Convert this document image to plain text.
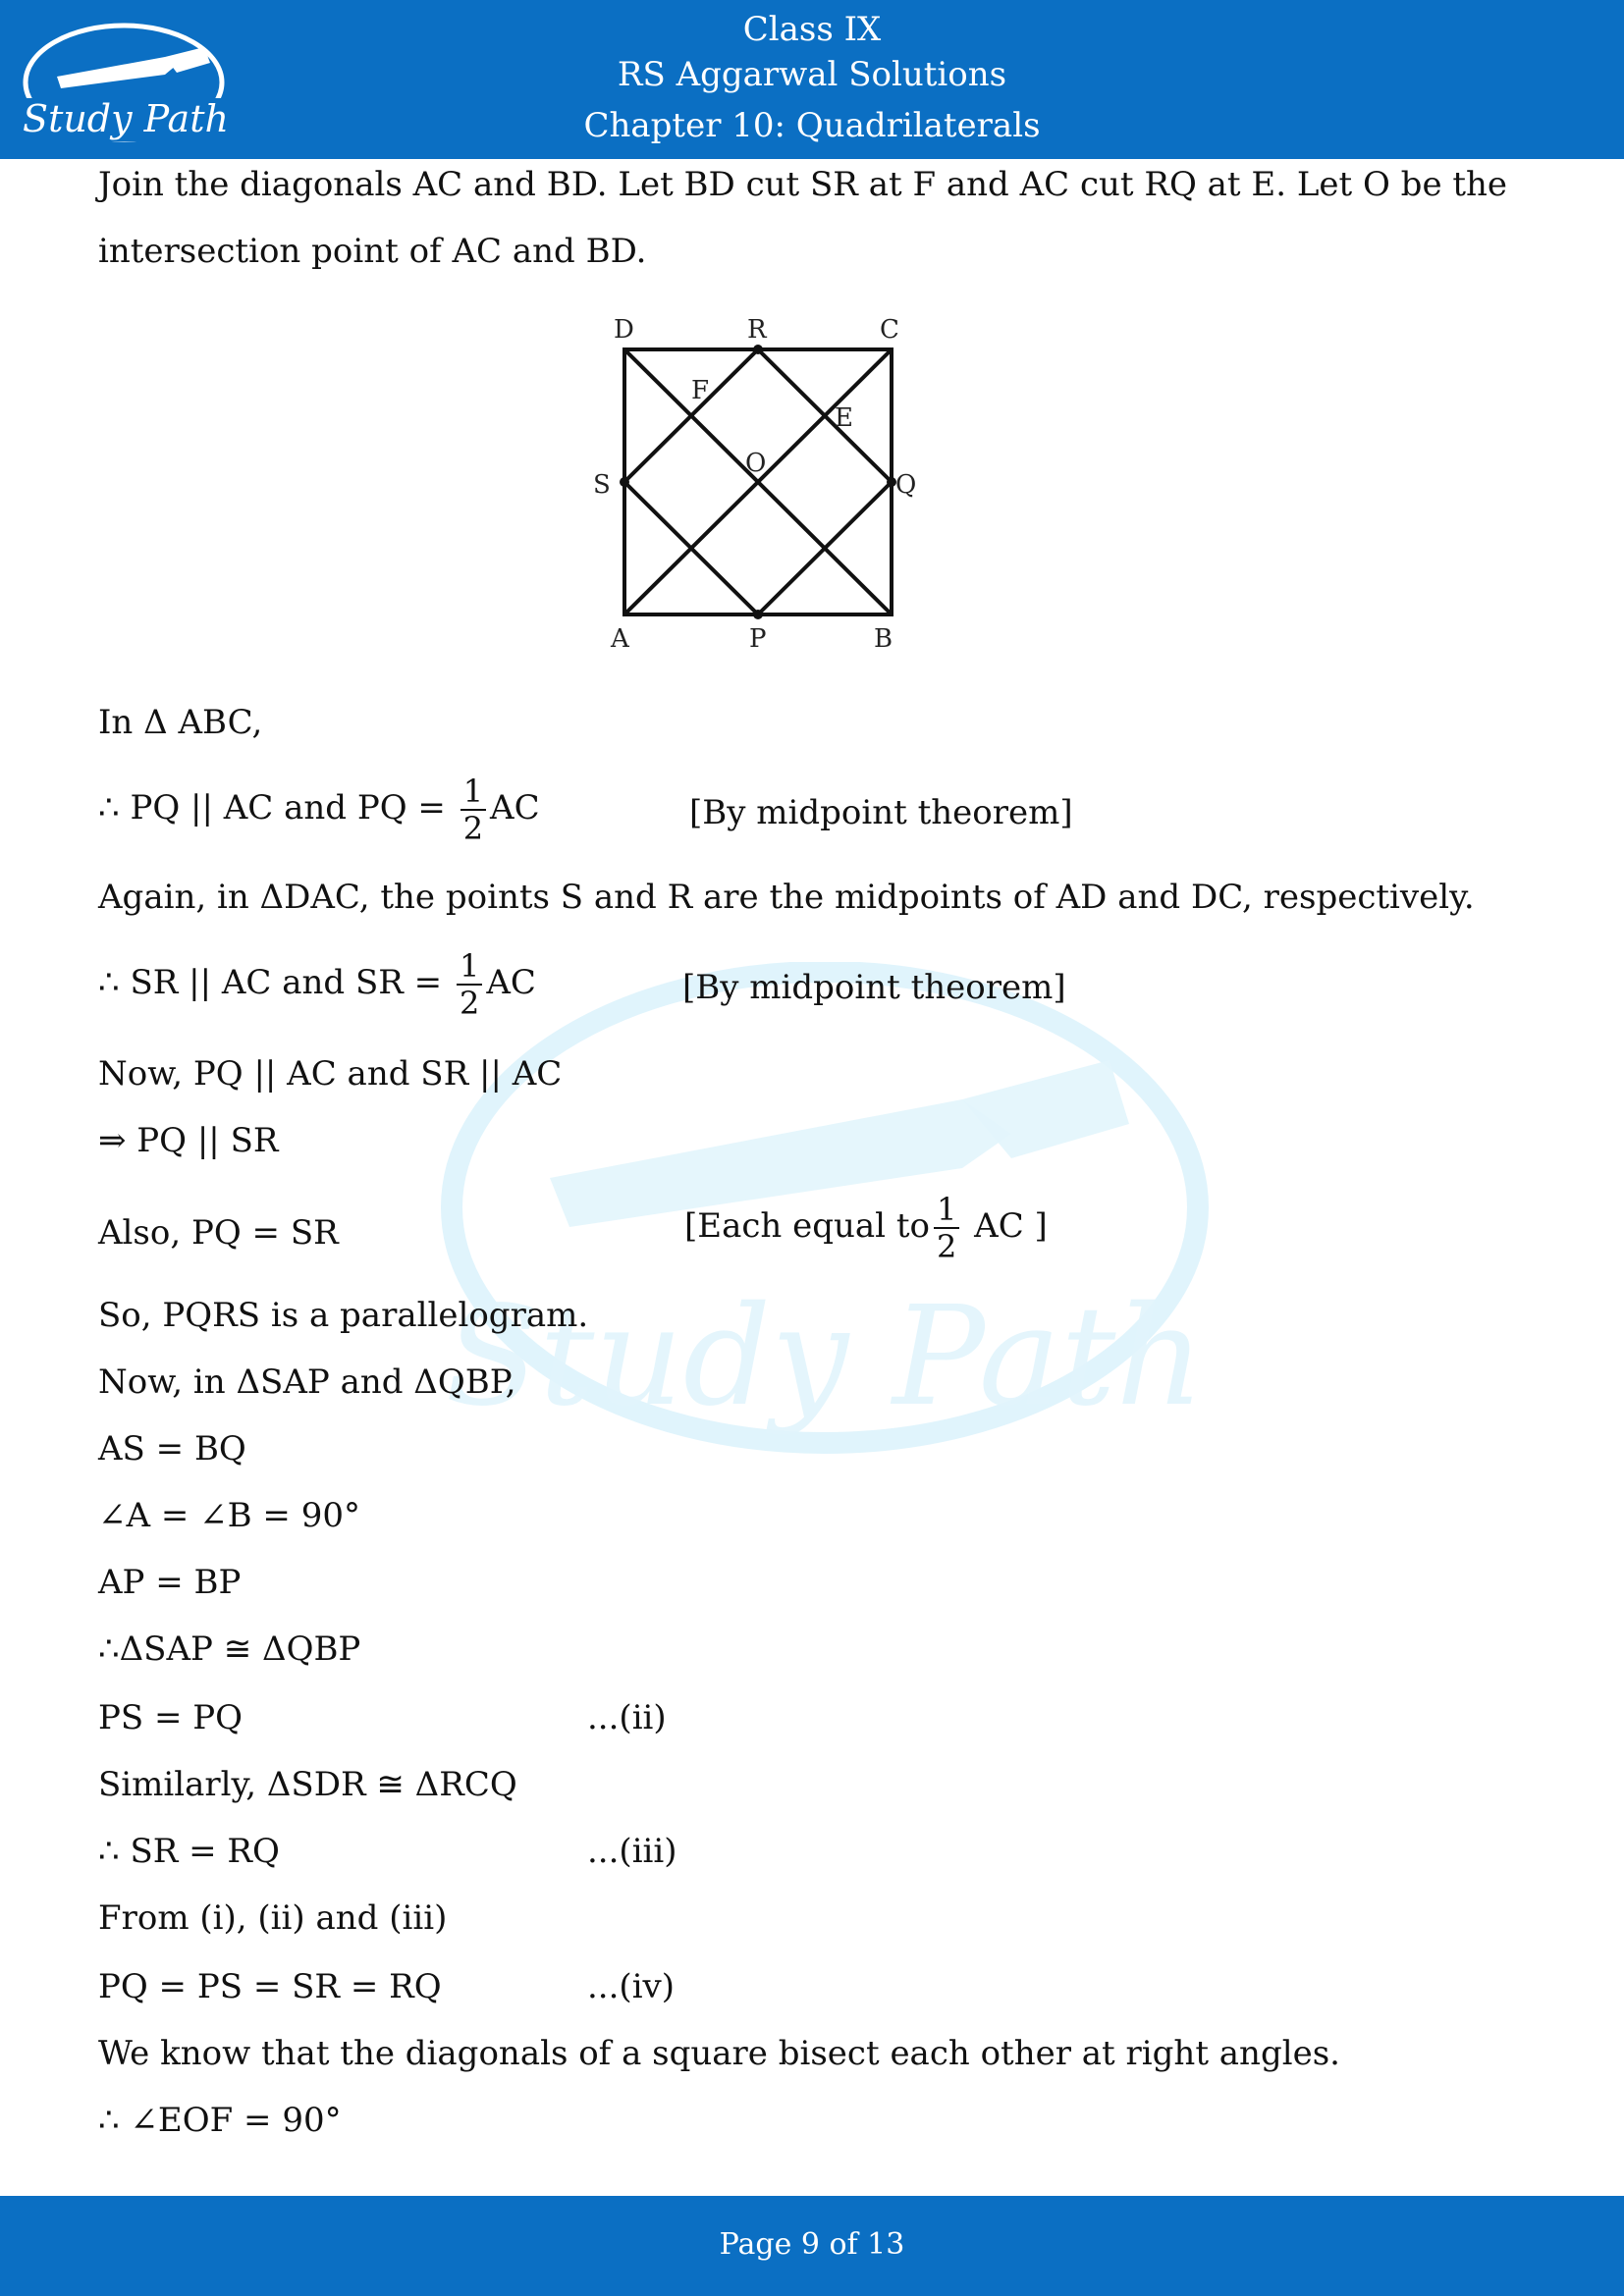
Study Path
Class IX
RS Aggarwal Solutions
Chapter 10: Quadrilaterals
Study Path
Join the diagonals AC and BD. Let BD cut SR at F and AC cut RQ at E. Let O be the
intersection point of AC and BD.
D	R	C
F
E
S
O
Q
A	P	B
In Δ ABC,
∴ PQ || AC and PQ = $\frac{1}{2}$ AC	[By midpoint theorem]
Again, in ΔDAC, the points S and R are the midpoints of AD and DC, respectively.
∴ SR || AC and SR = $\frac{1}{2}$ AC	[By midpoint theorem]
Now, PQ || AC and SR || AC
⇒ PQ || SR
Also, PQ = SR	[Each equal to $\frac{1}{2}$ AC ]
So, PQRS is a parallelogram.
Now, in ΔSAP and ΔQBP,
AS = BQ
∠A = ∠B = 90°
AP = BP
∴ΔSAP ≅ ΔQBP
PS = PQ	...(ii)
Similarly, ΔSDR ≅ ΔRCQ
∴ SR = RQ	...(iii)
From (i), (ii) and (iii)
PQ = PS = SR = RQ	...(iv)
We know that the diagonals of a square bisect each other at right angles.
∴ ∠EOF = 90°
Page 9 of 13
